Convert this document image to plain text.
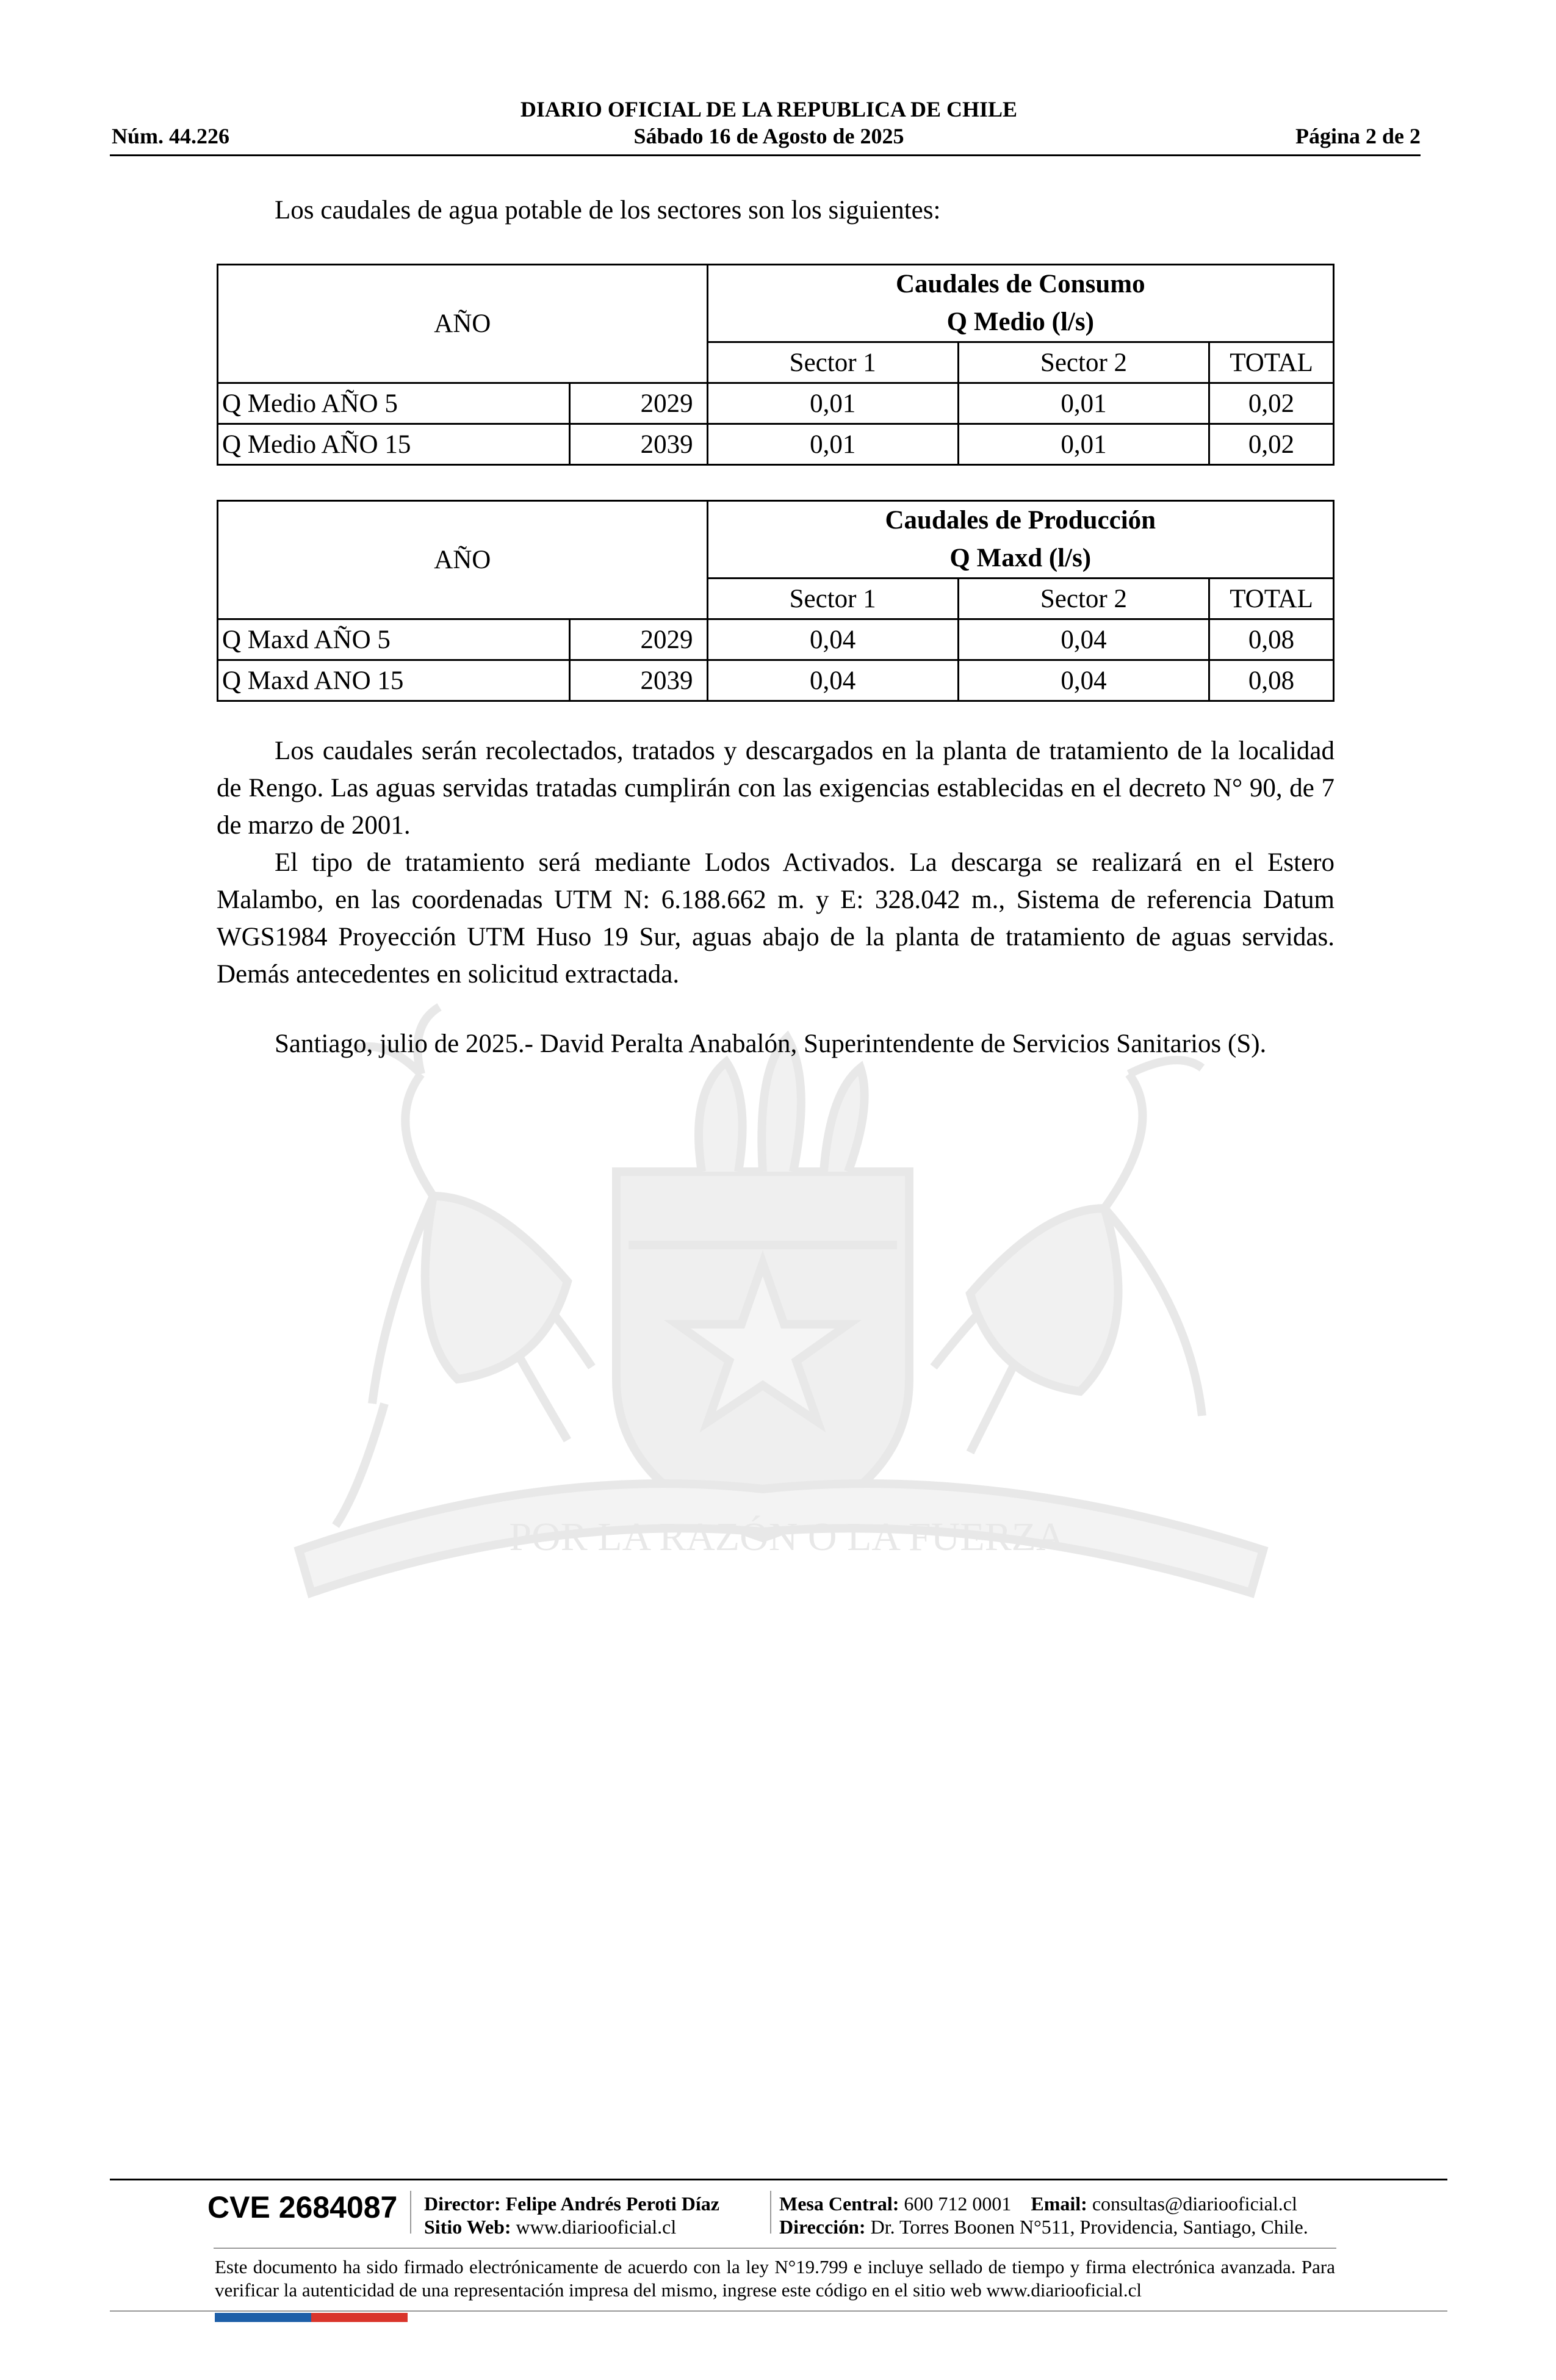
DIARIO OFICIAL DE LA REPUBLICA DE CHILE
Núm. 44.226	Sábado 16 de Agosto de 2025	Página 2 de 2
POR LA RAZÓN O LA FUERZA
Los caudales de agua potable de los sectores son los siguientes:
AÑO		Caudales de Consumo
Q Medio (l/s)		

		Sector 1	Sector 2	TOTAL
Q Medio AÑO 5	2029	0,01	0,01	0,02
Q Medio AÑO 15	2039	0,01	0,01	0,02
AÑO		Caudales de Producción
Q Maxd (l/s)		

		Sector 1	Sector 2	TOTAL
Q Maxd AÑO 5	2029	0,04	0,04	0,08
Q Maxd ANO 15	2039	0,04	0,04	0,08

Los caudales serán recolectados, tratados y descargados en la planta de tratamiento de la localidad de Rengo. Las aguas servidas tratadas cumplirán con las exigencias establecidas en el decreto N° 90, de 7 de marzo de 2001.

El tipo de tratamiento será mediante Lodos Activados. La descarga se realizará en el Estero Malambo, en las coordenadas UTM N: 6.188.662 m. y E: 328.042 m., Sistema de referencia Datum WGS1984 Proyección UTM Huso 19 Sur, aguas abajo de la planta de tratamiento de aguas servidas. Demás antecedentes en solicitud extractada.

Santiago, julio de 2025.- David Peralta Anabalón, Superintendente de Servicios Sanitarios (S).

CVE 2684087 Director: Felipe Andrés Peroti Díaz
Sitio Web: www.diariooficial.cl
Mesa Central: 600 712 0001 Email: consultas@diariooficial.cl
Dirección: Dr. Torres Boonen N°511, Providencia, Santiago, Chile.
Este documento ha sido firmado electrónicamente de acuerdo con la ley N°19.799 e incluye sellado de tiempo y firma electrónica avanzada. Para verificar la autenticidad de una representación impresa del mismo, ingrese este código en el sitio web www.diariooficial.cl
